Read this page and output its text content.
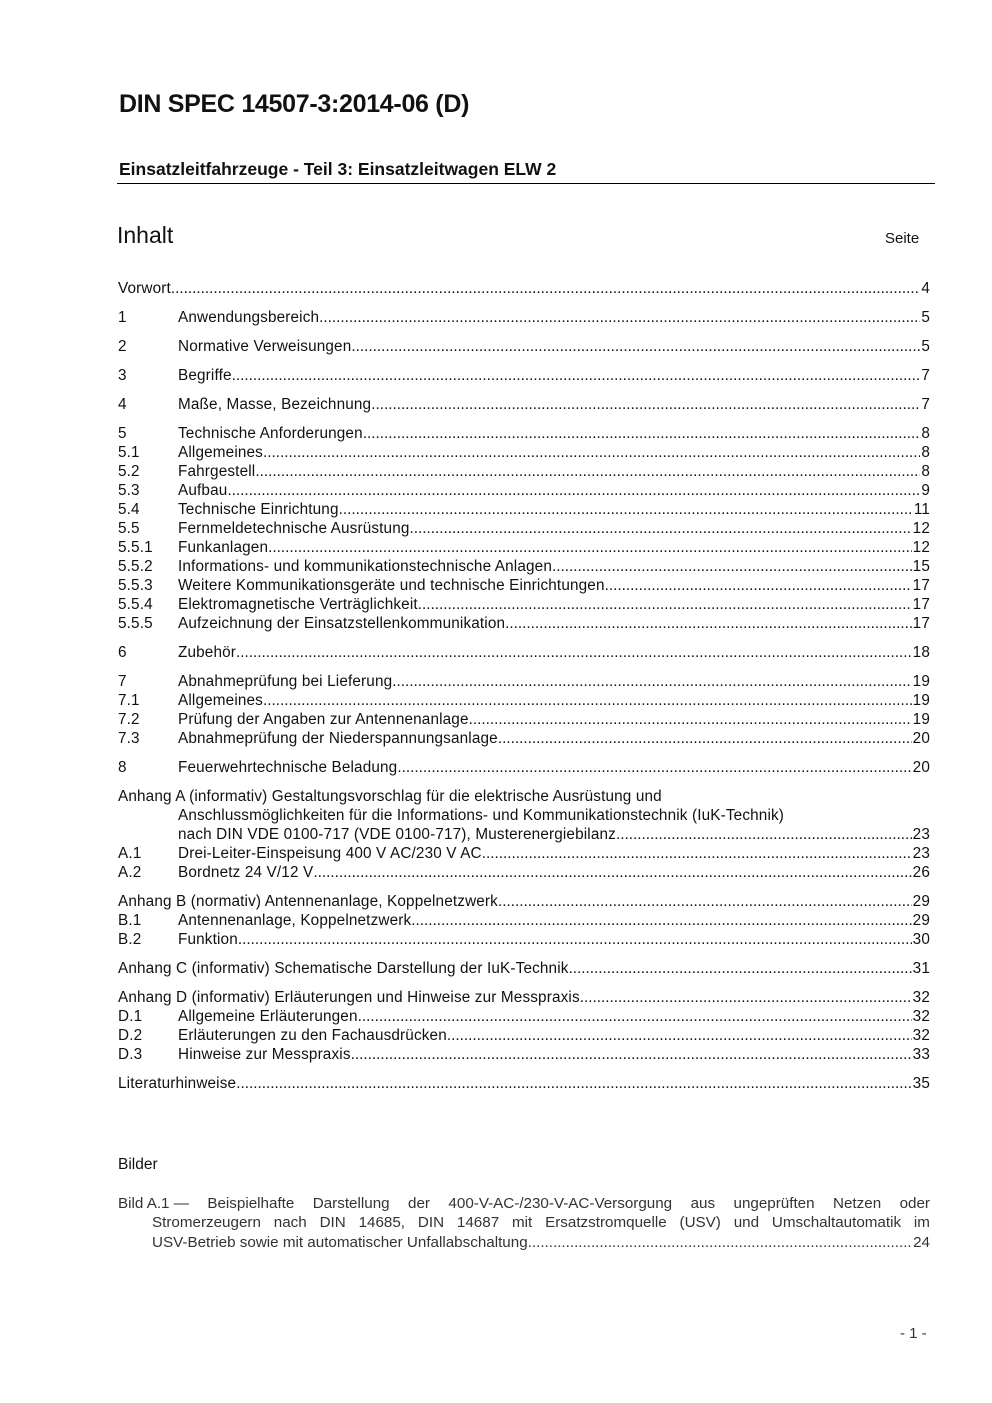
DIN SPEC 14507-3:2014-06 (D)
Einsatzleitfahrzeuge - Teil 3: Einsatzleitwagen ELW 2
Inhalt	Seite
Vorwort .....	4
1	Anwendungsbereich .....	5
2	Normative Verweisungen .....	5
3	Begriffe .....	7
4	Maße, Masse, Bezeichnung .....	7
5	Technische Anforderungen .....	8
5.1	Allgemeines .....	8
5.2	Fahrgestell .....	8
5.3	Aufbau .....	9
5.4	Technische Einrichtung .....	11
5.5	Fernmeldetechnische Ausrüstung .....	12
5.5.1 Funkanlagen .....	12
5.5.2 Informations- und kommunikationstechnische Anlagen .....	15
5.5.3 Weitere Kommunikationsgeräte und technische Einrichtungen .....	17
5.5.4 Elektromagnetische Verträglichkeit .....	17
5.5.5 Aufzeichnung der Einsatzstellenkommunikation .....	17
6	Zubehör .....	18
7	Abnahmeprüfung bei Lieferung .....	19
7.1	Allgemeines .....	19
7.2	Prüfung der Angaben zur Antennenanlage .....	19
7.3	Abnahmeprüfung der Niederspannungsanlage .....	20
8	Feuerwehrtechnische Beladung .....	20
Anhang A (informativ) Gestaltungsvorschlag für die elektrische Ausrüstung und
Anschlussmöglichkeiten für die Informations- und Kommunikationstechnik (IuK-Technik)
nach DIN VDE 0100-717 (VDE 0100-717), Musterenergiebilanz .....	23
A.1 Drei-Leiter-Einspeisung 400 V AC/230 V AC .....	23
A.2 Bordnetz 24 V/12 V .....	26
Anhang B (normativ) Antennenanlage, Koppelnetzwerk .....	29
B.1 Antennenanlage, Koppelnetzwerk .....	29
B.2 Funktion .....	30
Anhang C (informativ) Schematische Darstellung der IuK-Technik .....	31
Anhang D (informativ) Erläuterungen und Hinweise zur Messpraxis .....	32
D.1 Allgemeine Erläuterungen .....	32
D.2 Erläuterungen zu den Fachausdrücken .....	32
D.3 Hinweise zur Messpraxis .....	33
Literaturhinweise .....	35
Bilder
Bild A.1 — Beispielhafte Darstellung der 400-V-AC-/230-V-AC-Versorgung aus ungeprüften Netzen oder
Stromerzeugern nach DIN 14685, DIN 14687 mit Ersatzstromquelle (USV) und Umschaltautomatik im
USV-Betrieb sowie mit automatischer Unfallabschaltung .....	24
- 1 -
